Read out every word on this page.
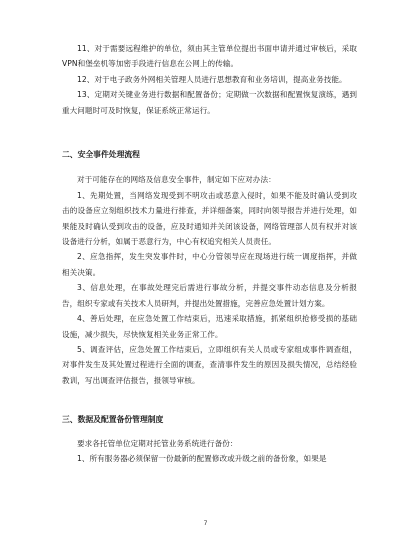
11、对于需要远程维护的单位，须由其主管单位提出书面申请并通过审核后，采取VPN和堡垒机等加密手段进行信息在公网上的传输。

12、对于电子政务外网相关管理人员进行思想教育和业务培训，提高业务技能。

13、定期对关键业务进行数据和配置备份；定期做一次数据和配置恢复演练，遇到重大问题时可及时恢复，保证系统正常运行。

二、安全事件处理流程

对于可能存在的网络及信息安全事件，制定如下应对办法：

1、先期处置，当网络发现受到不明攻击或恶意入侵时，如果不能及时确认受到攻击的设备应立刻组织技术力量进行排查，并详细备案，同时向领导报告并进行处理，如果能及时确认受到攻击的设备，应及时通知并关闭该设备，网络管理部人员有权并对该设备进行分析，如属于恶意行为，中心有权追究相关人员责任。

2、应急指挥，发生突发事件时，中心分管领导应在现场进行统一调度指挥，并做相关决策。

3、信息处理，在事故处理完后需进行事故分析，并提交事件动态信息及分析报告，组织专家或有关技术人员研判，并提出处置措施，完善应急处置计划方案。

4、善后处理，在应急处置工作结束后，迅速采取措施，抓紧组织抢修受损的基础设施，减少损失，尽快恢复相关业务正常工作。

5、调查评估，应急处置工作结束后，立即组织有关人员或专家组成事件调查组，对事件发生及其处置过程进行全面的调查，查清事件发生的原因及损失情况，总结经验教训，写出调查评估报告，报领导审核。

三、数据及配置备份管理制度

要求各托管单位定期对托管业务系统进行备份：

1、所有服务器必须保留一份最新的配置修改或升级之前的备份象，如果是

7
